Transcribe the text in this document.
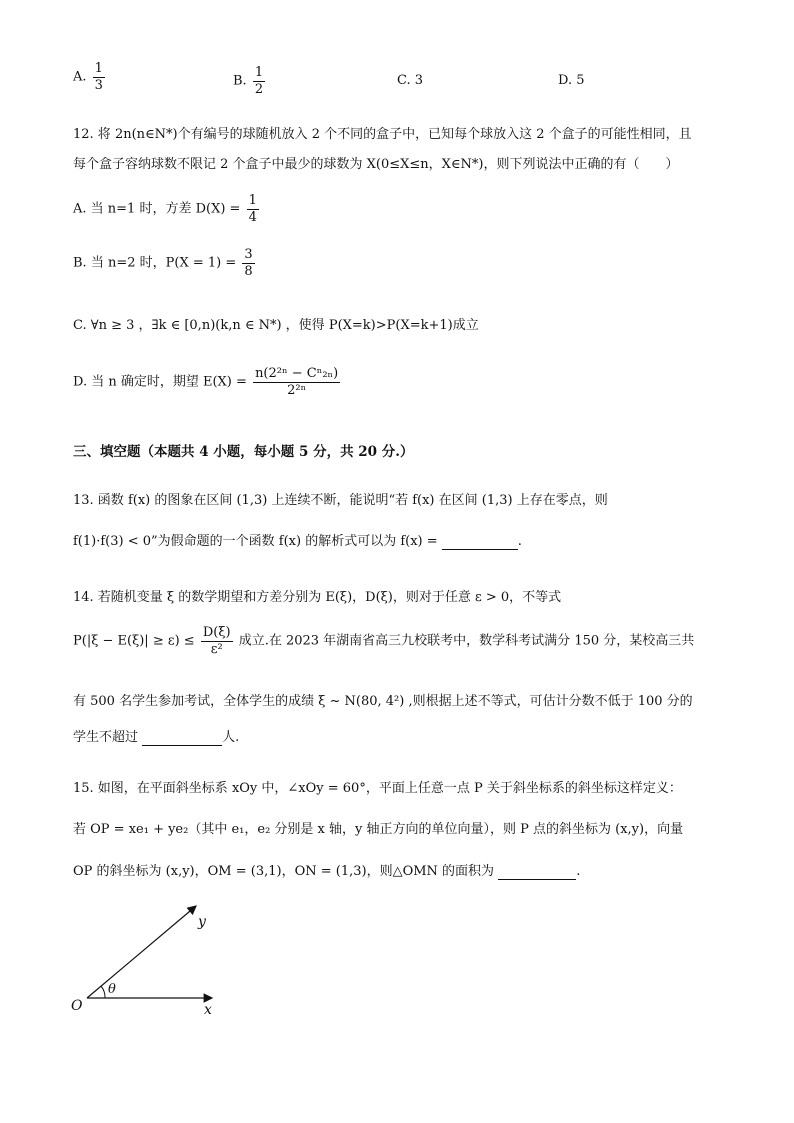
A. $\frac{1}{3}$	B. $\frac{1}{2}$	C. 3	D. 5
12. 将 2n(n∈N*)个有编号的球随机放入 2 个不同的盒子中，已知每个球放入这 2 个盒子的可能性相同，且
每个盒子容纳球数不限记 2 个盒子中最少的球数为 X(0≤X≤n，X∈N*)，则下列说法中正确的有（　　）
A. 当 n=1 时，方差 $D(X) = \frac{1}{4}$
B. 当 n=2 时，$P(X = 1) = \frac{3}{8}$
C. ∀n ≥ 3 ，∃k ∈ [0,n)(k,n ∈ N*) ，使得 P(X=k)>P(X=k+1)成立
D. 当 n 确定时，期望 $E(X) = \frac{\text{n(2²ⁿ − Cⁿ₂ₙ)}}{\text{2²ⁿ}}$
三、填空题（本题共 4 小题，每小题 5 分，共 20 分.）
13. 函数 f(x) 的图象在区间 (1,3) 上连续不断，能说明“若 f(x) 在区间 (1,3) 上存在零点，则
f(1)·f(3) < 0”为假命题的一个函数 f(x) 的解析式可以为 f(x) =	.
14. 若随机变量 ξ 的数学期望和方差分别为 E(ξ)，D(ξ)，则对于任意 ε > 0，不等式
$P(|\xi - E(\xi)| \ge \varepsilon) \le \frac{D(\xi)}{\text{ε²}}$ 成立.在 2023 年湖南省高三九校联考中，数学科考试满分 150 分，某校高三共
有 500 名学生参加考试，全体学生的成绩 ξ ~ N(80, 4²) ,则根据上述不等式，可估计分数不低于 100 分的
学生不超过	人.
15. 如图，在平面斜坐标系 xOy 中，∠xOy = 60°，平面上任意一点 P 关于斜坐标系的斜坐标这样定义：
若 OP = xe₁ + ye₂（其中 e₁，e₂ 分别是 x 轴，y 轴正方向的单位向量），则 P 点的斜坐标为 (x,y)，向量
OP 的斜坐标为 (x,y)，OM = (3,1)，ON = (1,3)，则△OMN 的面积为	.
O	x
y
θ
